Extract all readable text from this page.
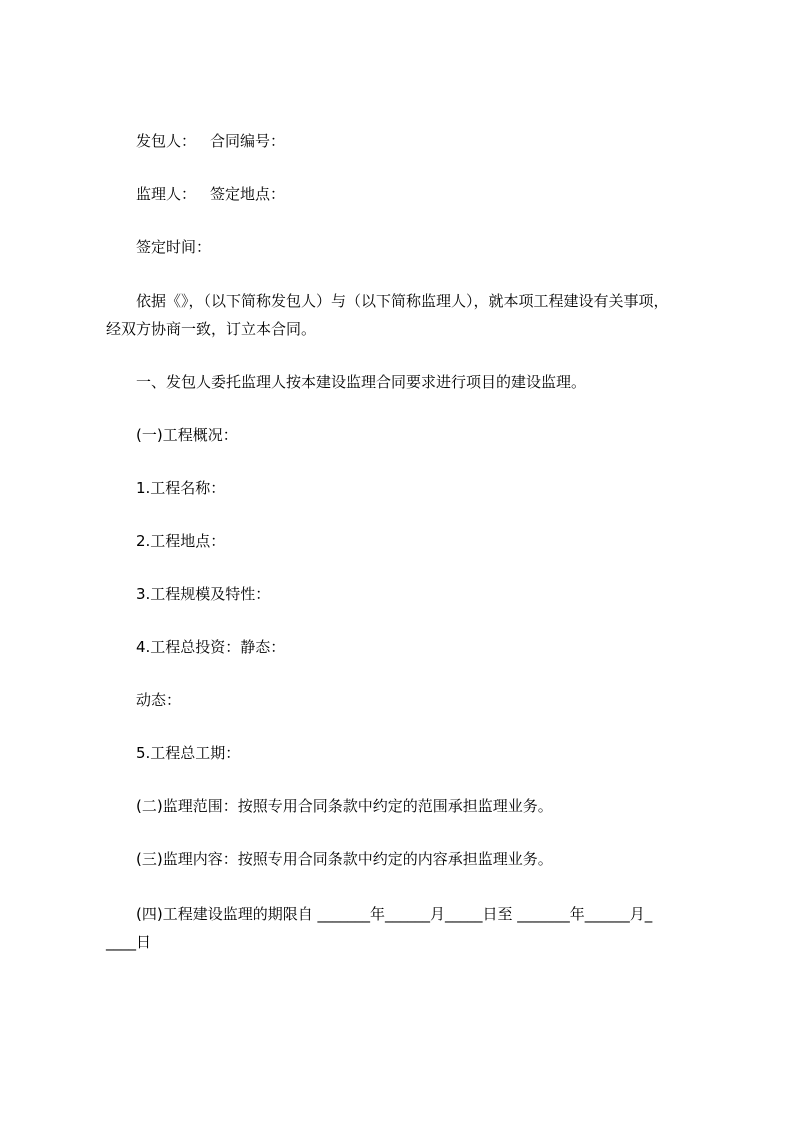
发包人： 合同编号：
监理人： 签定地点：
签定时间：
依据《》，（以下简称发包人）与（以下简称监理人），就本项工程建设有关事项，
经双方协商一致，订立本合同。
一、发包人委托监理人按本建设监理合同要求进行项目的建设监理。
(一)工程概况：
1.工程名称：
2.工程地点：
3.工程规模及特性：
4.工程总投资：静态：
动态：
5.工程总工期：
(二)监理范围：按照专用合同条款中约定的范围承担监理业务。
(三)监理内容：按照专用合同条款中约定的内容承担监理业务。
(四)工程建设监理的期限自 _______年______月_____日至 _______年______月_
____日
